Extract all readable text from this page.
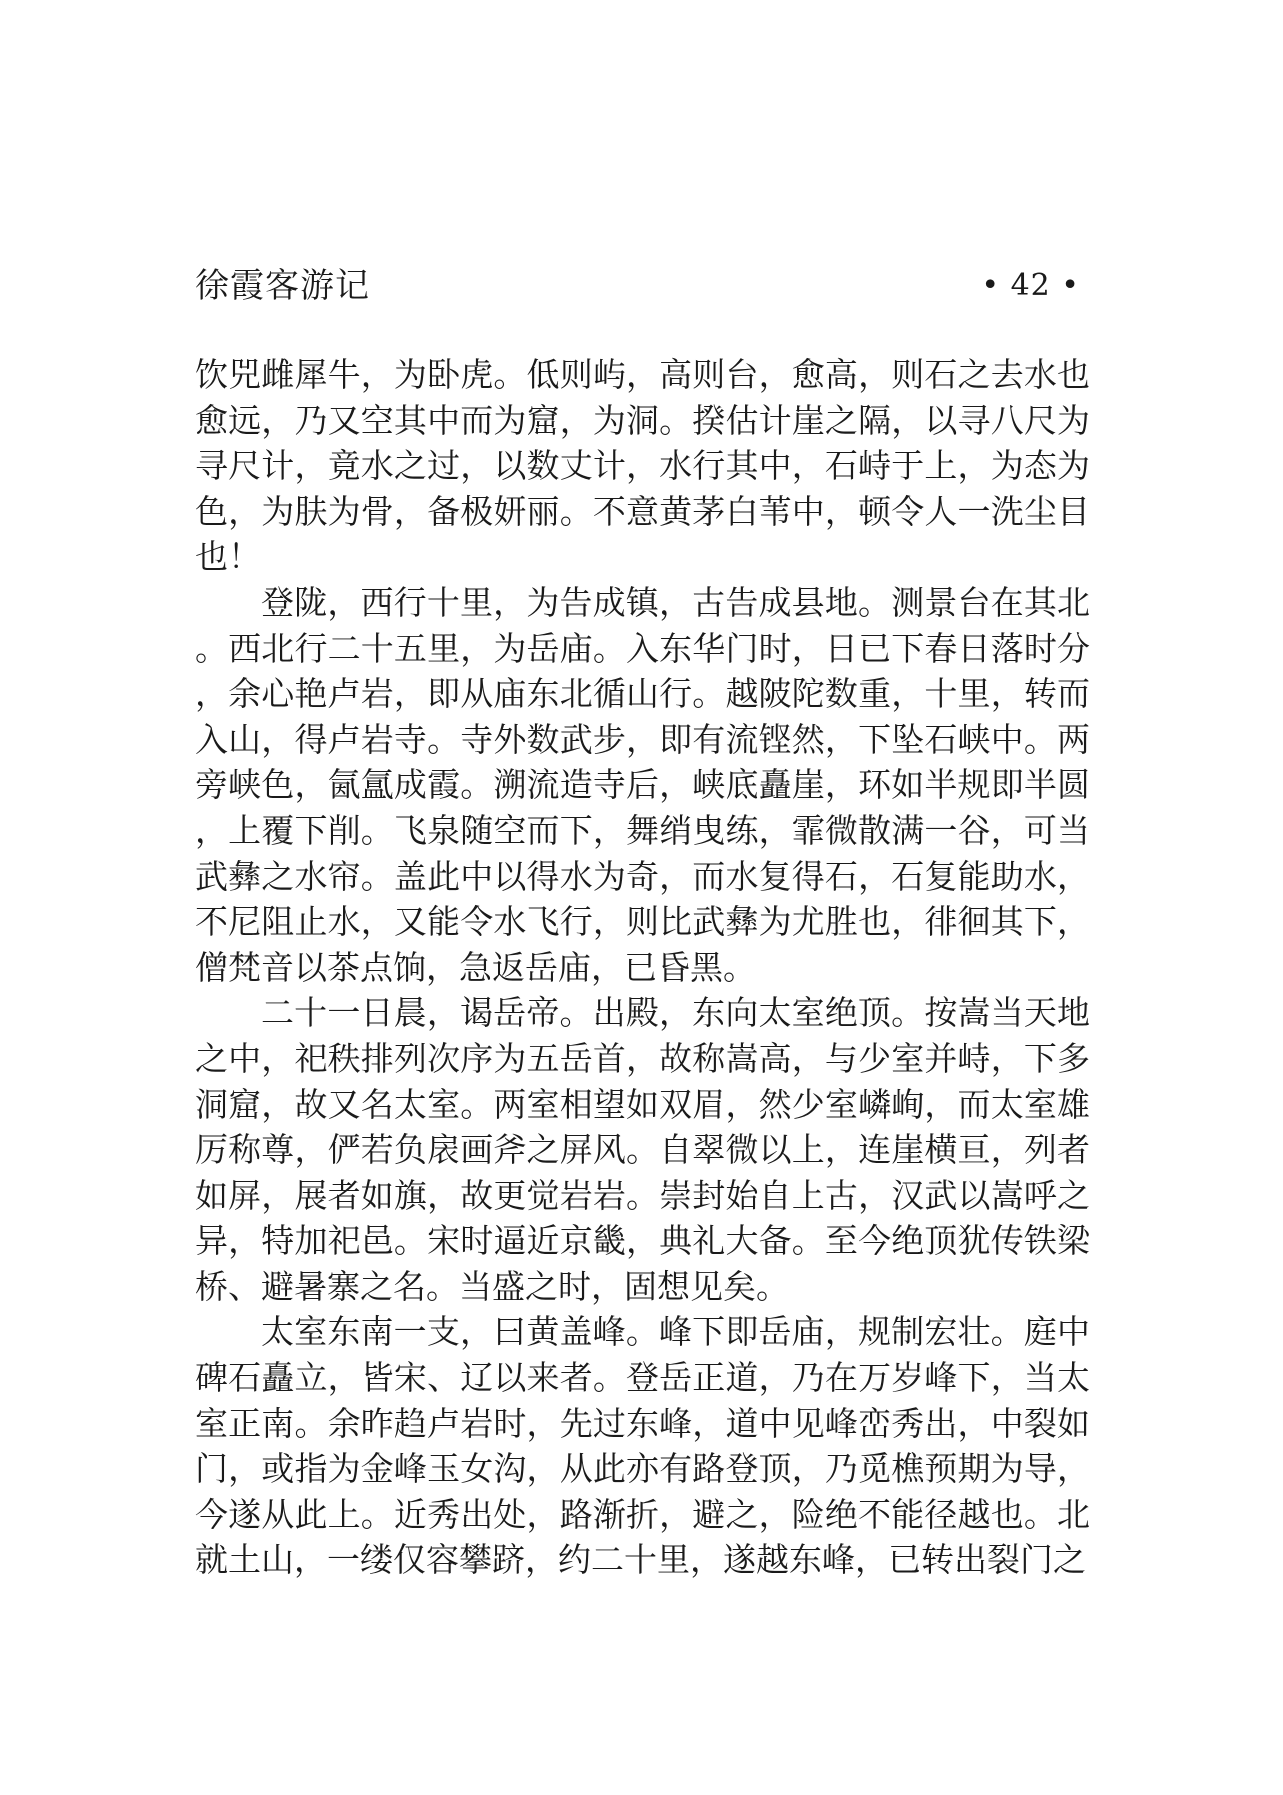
徐霞客游记	• 42 •

饮兕雌犀牛，为卧虎。低则屿，高则台，愈高，则石之去水也愈远，乃又空其中而为窟，为洞。揆估计崖之隔，以寻八尺为寻尺计，竟水之过，以数丈计，水行其中，石峙于上，为态为色，为肤为骨，备极妍丽。不意黄茅白苇中，顿令人一洗尘目也！

登陇，西行十里，为告成镇，古告成县地。测景台在其北。西北行二十五里，为岳庙。入东华门时，日已下春日落时分，余心艳卢岩，即从庙东北循山行。越陂陀数重，十里，转而入山，得卢岩寺。寺外数武步，即有流铿然，下坠石峡中。两旁峡色，氤氲成霞。溯流造寺后，峡底矗崖，环如半规即半圆，上覆下削。飞泉随空而下，舞绡曳练，霏微散满一谷，可当武彝之水帘。盖此中以得水为奇，而水复得石，石复能助水，不尼阻止水，又能令水飞行，则比武彝为尤胜也，徘徊其下，僧梵音以茶点饷，急返岳庙，已昏黑。

二十一日晨，谒岳帝。出殿，东向太室绝顶。按嵩当天地之中，祀秩排列次序为五岳首，故称嵩高，与少室并峙，下多洞窟，故又名太室。两室相望如双眉，然少室嶙峋，而太室雄厉称尊，俨若负扆画斧之屏风。自翠微以上，连崖横亘，列者如屏，展者如旗，故更觉岩岩。崇封始自上古，汉武以嵩呼之异，特加祀邑。宋时逼近京畿，典礼大备。至今绝顶犹传铁梁桥、避暑寨之名。当盛之时，固想见矣。

太室东南一支，曰黄盖峰。峰下即岳庙，规制宏壮。庭中碑石矗立，皆宋、辽以来者。登岳正道，乃在万岁峰下，当太室正南。余昨趋卢岩时，先过东峰，道中见峰峦秀出，中裂如门，或指为金峰玉女沟，从此亦有路登顶，乃觅樵预期为导，今遂从此上。近秀出处，路渐折，避之，险绝不能径越也。北就土山，一缕仅容攀跻，约二十里，遂越东峰，已转出裂门之
